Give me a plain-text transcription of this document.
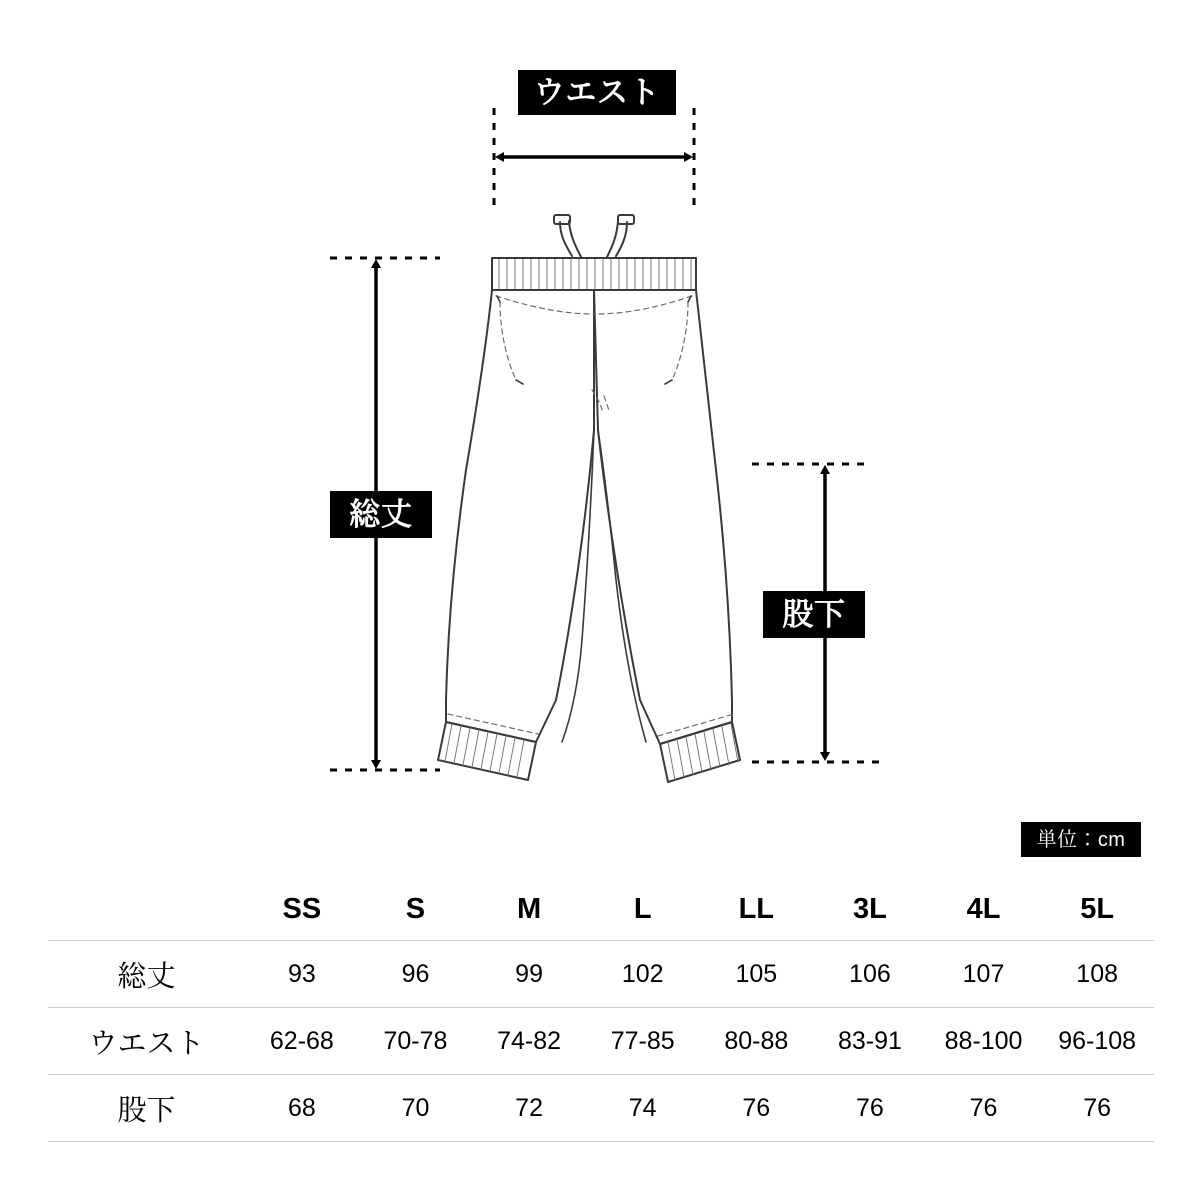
ウエスト
総丈
股下
単位：cm
	SS	S	M	L	LL	3L	4L	5L
総丈	93	96	99	102	105	106	107	108
ウエスト	62-68	70-78	74-82	77-85	80-88	83-91	88-100	96-108
股下	68	70	72	74	76	76	76	76
